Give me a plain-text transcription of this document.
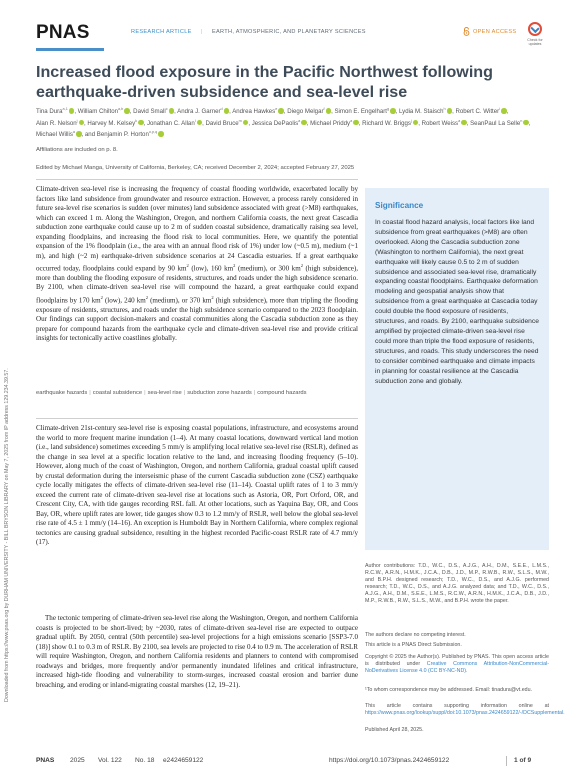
Downloaded from https://www.pnas.org by DURHAM UNIVERSITY - BILL BRYSON LIBRARY on May 7, 2025 from IP address 129.234.39.57.
PNAS	RESEARCH ARTICLE | EARTH, ATMOSPHERIC, AND PLANETARY SCIENCES	OPEN ACCESS
Check for updates
Increased flood exposure in the Pacific Northwest following earthquake-driven subsidence and sea-level rise
Tina Dura$^{a,1}$ , William Chilton$^{a,b}$ , David Small$^c$ , Andra J. Garner$^d$ , Andrea Hawkes$^e$ , Diego Melgar$^f$ , Simon E. Engelhart$^g$ , Lydia M. Staisch$^h$ , Robert C. Witter$^i$ , Alan R. Nelson$^j$ , Harvey M. Kelsey$^k$ , Jonathan C. Allan$^l$ , David Bruce$^m$ , Jessica DePaolis$^a$ , Michael Priddy$^a$ , Richard W. Briggs$^j$ , Robert Weiss$^a$ , SeanPaul La Selle$^n$ , Michael Willis$^a$ , and Benjamin P. Horton$^{o,p,q}$
Affiliations are included on p. 8.
Edited by Michael Manga, University of California, Berkeley, CA; received December 2, 2024; accepted February 27, 2025

Climate-driven sea-level rise is increasing the frequency of coastal flooding worldwide, exacerbated locally by factors like land subsidence from groundwater and resource extraction. However, a process rarely considered in future sea-level rise scenarios is sudden (over minutes) land subsidence associated with great (>M8) earthquakes, which can exceed 1 m. Along the Washington, Oregon, and northern California coasts, the next great Cascadia subduction zone earthquake could cause up to 2 m of sudden coastal subsidence, dramatically raising sea level, expanding floodplains, and increasing the flood risk to local communities. Here, we quantify the potential expansion of the 1% floodplain (i.e., the area with an annual flood risk of 1%) under low (~0.5 m), medium (~1 m), and high (~2 m) earthquake-driven subsidence scenarios at 24 Cascadia estuaries. If a great earthquake occurred today, floodplains could expand by 90 $km^2$ (low), 160 $km^2$ (medium), or 300 $km^2$ (high subsidence), more than doubling the flooding exposure of residents, structures, and roads under the high subsidence scenario. By 2100, when climate-driven sea-level rise will compound the hazard, a great earthquake could expand floodplains by 170 $km^2$ (low), 240 $km^2$ (medium), or 370 $km^2$ (high subsidence), more than tripling the flooding exposure of residents, structures, and roads under the high subsidence scenario compared to the 2023 floodplain. Our findings can support decision-makers and coastal communities along the Cascadia subduction zone as they prepare for compound hazards from the earthquake cycle and climate-driven sea-level rise and provide critical insights for tectonically active coastlines globally.

earthquake hazards | coastal subsidence | sea-level rise | subduction zone hazards | compound hazards

Climate-driven 21st-century sea-level rise is exposing coastal populations, infrastructure, and ecosystems around the world to more frequent marine inundation (1–4). At many coastal locations, downward vertical land motion (i.e., land subsidence) sometimes exceeding 5 mm/y is amplifying local relative sea-level rise (RSLR), defined as the change in sea level at a specific location relative to the land, and increasing flooding frequency (5–10). However, along much of the coast of Washington, Oregon, and northern California, gradual coastal uplift caused by crustal deformation during the interseismic phase of the current Cascadia subduction zone (CSZ) earthquake cycle locally mitigates the effects of climate-driven sea-level rise (11–14). Coastal uplift rates of 1 to 3 mm/y exceed the current rate of climate-driven sea-level rise at locations such as Astoria, OR, Port Orford, OR, and Crescent City, CA, with tide gauges recording RSL fall. At other locations, such as Yaquina Bay, OR, and Coos Bay, OR, where uplift rates are lower, tide gauges show 0.3 to 1.2 mm/y of RSLR, well below the global sea-level rise rate of 4.5 ± 1 mm/y (14–16). An exception is Humboldt Bay in Northern California, where complex regional tectonics are causing gradual subsidence, resulting in the highest recorded Pacific-coast RSLR rate of 4.7 mm/y (17).

The tectonic tempering of climate-driven sea-level rise along the Washington, Oregon, and northern California coasts is projected to be short-lived; by ~2030, rates of climate-driven sea-level rise are expected to outpace gradual uplift. By 2050, central (50th percentile) sea-level projections for a high emissions scenario [SSP3-7.0 (18)] show 0.1 to 0.3 m of RSLR. By 2100, sea levels are projected to rise 0.4 to 0.9 m. The acceleration of RSLR will require Washington, Oregon, and northern California residents and planners to contend with compromised roadways and bridges, more frequently and/or permanently inundated lifelines and critical infrastructure, increased high-tide flooding and vulnerability to storm-surges, increased coastal erosion and barrier dune breaching, and eroding or inland-migrating coastal marshes (12, 19–21).

Significance
In coastal flood hazard analysis, local factors like land subsidence from great earthquakes (>M8) are often overlooked. Along the Cascadia subduction zone (Washington to northern California), the next great earthquake will likely cause 0.5 to 2 m of sudden subsidence and associated sea-level rise, dramatically expanding coastal floodplains. Earthquake deformation modeling and geospatial analysis show that subsidence from a great earthquake at Cascadia today could double the flood exposure of residents, structures, and roads. By 2100, earthquake subsidence amplified by projected climate-driven sea-level rise could more than triple the flood exposure of residents, structures, and roads. This study underscores the need to consider combined earthquake and climate impacts in planning for coastal resilience at the Cascadia subduction zone and globally.
Author contributions: T.D., W.C., D.S., A.J.G., A.H., D.M., S.E.E., L.M.S., R.C.W., A.R.N., H.M.K., J.C.A., D.B., J.D., M.P., R.W.B., R.W., S.L.S., M.W., and B.P.H. designed research; T.D., W.C., D.S., and A.J.G. performed research; T.D., W.C., D.S., and A.J.G. analyzed data; and T.D., W.C., D.S., A.J.G., A.H., D.M., S.E.E., L.M.S., R.C.W., A.R.N., H.M.K., J.C.A., D.B., J.D., M.P., R.W.B., R.W., S.L.S., M.W., and B.P.H. wrote the paper.
The authors declare no competing interest.
This article is a PNAS Direct Submission.
Copyright © 2025 the Author(s). Published by PNAS. This open access article is distributed under Creative Commons Attribution-NonCommercial-NoDerivatives License 4.0 (CC BY-NC-ND).
¹To whom correspondence may be addressed. Email: tinadura@vt.edu.
This article contains supporting information online at https://www.pnas.org/lookup/suppl/doi:10.1073/pnas.2424659122/-/DCSupplemental.
Published April 28, 2025.
PNAS 2025 Vol. 122 No. 18 e2424659122	https://doi.org/10.1073/pnas.2424659122	1 of 9
